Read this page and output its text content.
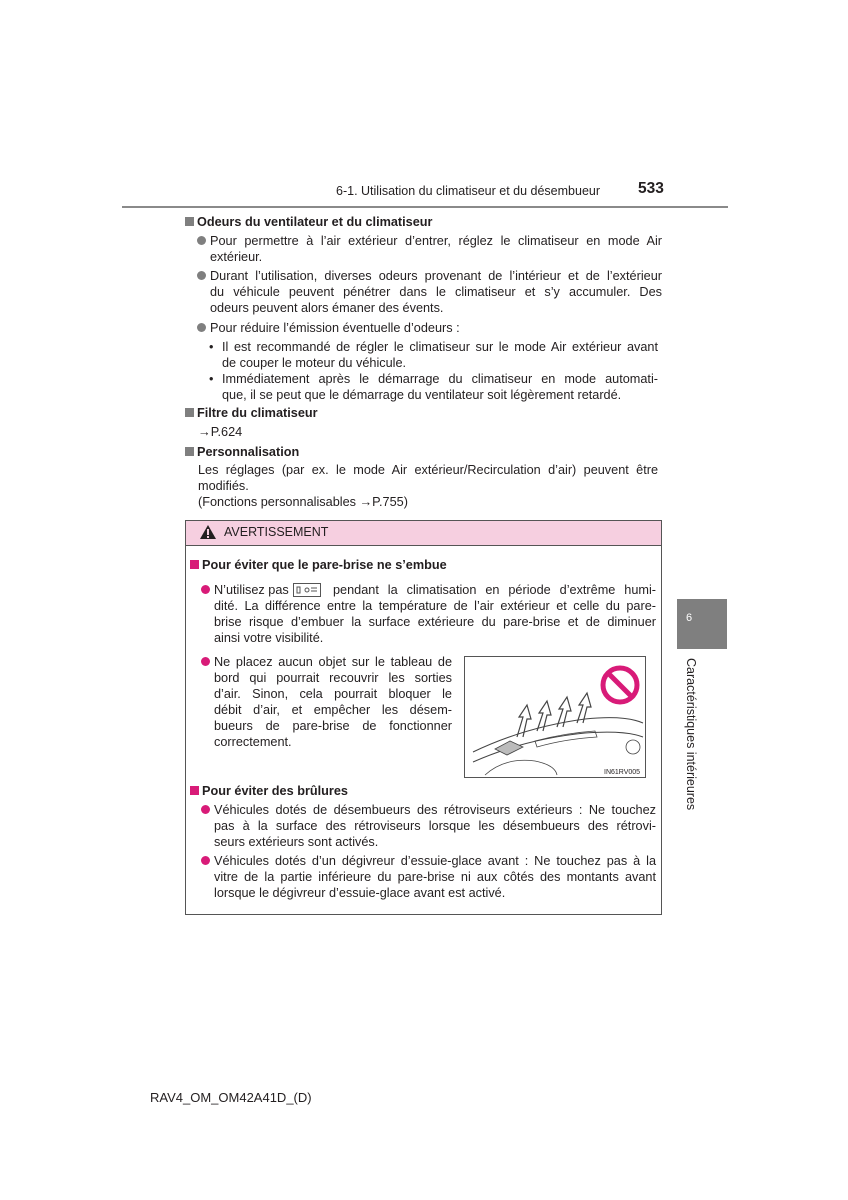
6-1. Utilisation du climatiseur et du désembueur 533
Odeurs du ventilateur et du climatiseur
Pour permettre à l’air extérieur d’entrer, réglez le climatiseur en mode Air
extérieur.
Durant l’utilisation, diverses odeurs provenant de l’intérieur et de l’extérieur
du véhicule peuvent pénétrer dans le climatiseur et s’y accumuler. Des
odeurs peuvent alors émaner des évents.
Pour réduire l’émission éventuelle d’odeurs :
• Il est recommandé de régler le climatiseur sur le mode Air extérieur avant
de couper le moteur du véhicule.
• Immédiatement après le démarrage du climatiseur en mode automati-
que, il se peut que le démarrage du ventilateur soit légèrement retardé.
Filtre du climatiseur
→P.624
Personnalisation
Les réglages (par ex. le mode Air extérieur/Recirculation d’air) peuvent être
modifiés.
(Fonctions personnalisables →P.755)
AVERTISSEMENT
Pour éviter que le pare-brise ne s’embue
N’utilisez pas	pendant la climatisation en période d’extrême humi-
dité. La différence entre la température de l’air extérieur et celle du pare-
brise risque d’embuer la surface extérieure du pare-brise et de diminuer
ainsi votre visibilité.
Ne placez aucun objet sur le tableau de
bord qui pourrait recouvrir les sorties
d’air. Sinon, cela pourrait bloquer le
débit d’air, et empêcher les désem-
bueurs de pare-brise de fonctionner
correctement.
IN61RV005
Pour éviter des brûlures
Véhicules dotés de désembueurs des rétroviseurs extérieurs : Ne touchez
pas à la surface des rétroviseurs lorsque les désembueurs des rétrovi-
seurs extérieurs sont activés.
Véhicules dotés d’un dégivreur d’essuie-glace avant : Ne touchez pas à la
vitre de la partie inférieure du pare-brise ni aux côtés des montants avant
lorsque le dégivreur d’essuie-glace avant est activé.
6
Caractéristiques intérieures
RAV4_OM_OM42A41D_(D)
